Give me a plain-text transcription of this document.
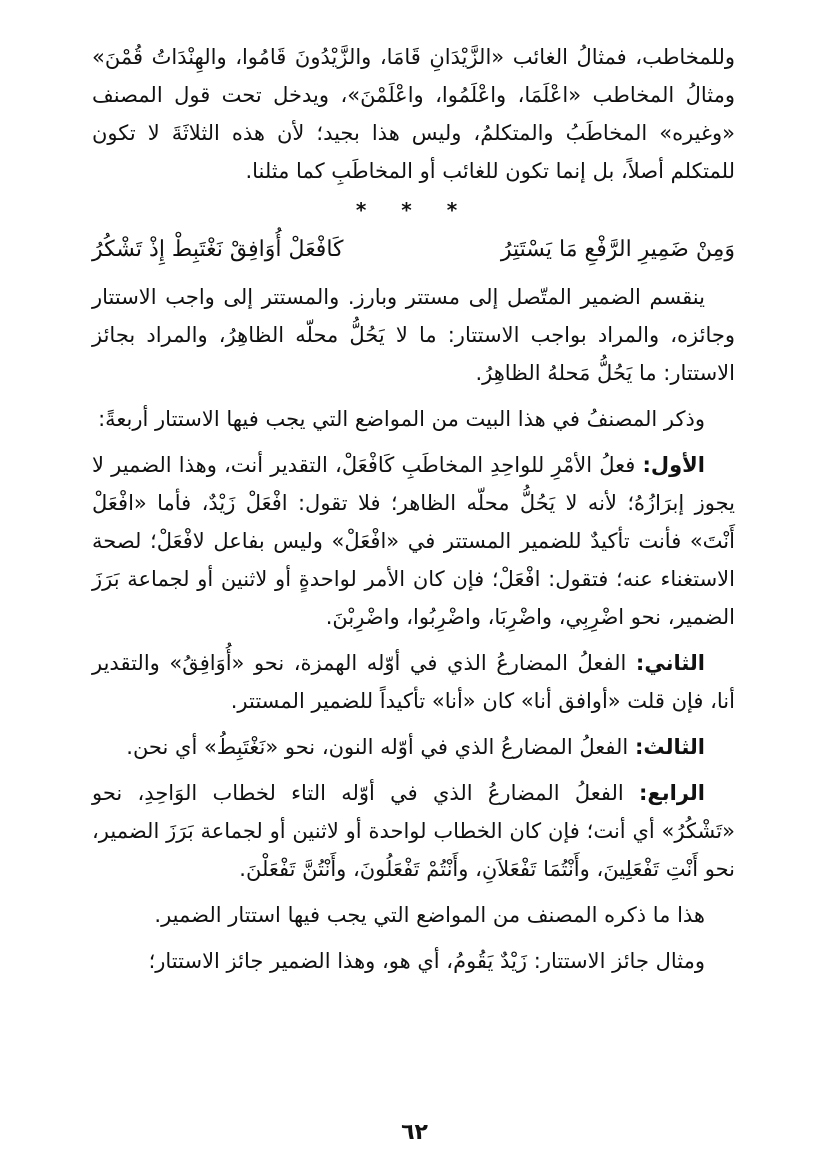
وللمخاطب، فمثالُ الغائب «الزَّيْدَانِ قَامَا، والزَّيْدُونَ قَامُوا، والهِنْدَاتُ قُمْنَ» ومثالُ المخاطب «اعْلَمَا، واعْلَمُوا، واعْلَمْنَ»، ويدخل تحت قول المصنف «وغيره» المخاطَبُ والمتكلمُ، وليس هذا بجيد؛ لأن هذه الثلاثَةَ لا تكون للمتكلم أصلاً، بل إنما تكون للغائب أو المخاطَبِ كما مثلنا.

* * *
وَمِنْ ضَمِيرِ الرَّفْعِ مَا يَسْتَتِرُ
كَافْعَلْ أُوَافِقْ نَغْتَبِطْ إِذْ تَشْكُرُ

ينقسم الضمير المتّصل إلى مستتر وبارز. والمستتر إلى واجب الاستتار وجائزه، والمراد بواجب الاستتار: ما لا يَحُلُّ محلّه الظاهِرُ، والمراد بجائز الاستتار: ما يَحُلُّ مَحلهُ الظاهِرُ.

وذكر المصنفُ في هذا البيت من المواضع التي يجب فيها الاستتار أربعةً:

الأول: فعلُ الأمْرِ للواحِدِ المخاطَبِ كَافْعَلْ، التقدير أنت، وهذا الضمير لا يجوز إبرَازُهُ؛ لأنه لا يَحُلُّ محلّه الظاهر؛ فلا تقول: افْعَلْ زَيْدٌ، فأما «افْعَلْ أَنْتَ» فأنت تأكيدٌ للضمير المستتر في «افْعَلْ» وليس بفاعل لافْعَلْ؛ لصحة الاستغناء عنه؛ فتقول: افْعَلْ؛ فإن كان الأمر لواحدةٍ أو لاثنين أو لجماعة بَرَزَ الضمير، نحو اضْرِبِي، واضْرِبَا، واضْرِبُوا، واضْرِبْنَ.

الثاني: الفعلُ المضارعُ الذي في أوّله الهمزة، نحو «أُوَافِقُ» والتقدير أنا، فإن قلت «أوافق أنا» كان «أنا» تأكيداً للضمير المستتر.

الثالث: الفعلُ المضارعُ الذي في أوّله النون، نحو «نَغْتَبِطُ» أي نحن.

الرابع: الفعلُ المضارعُ الذي في أوّله التاء لخطاب الوَاحِدِ، نحو «تَشْكُرُ» أي أنت؛ فإن كان الخطاب لواحدة أو لاثنين أو لجماعة بَرَزَ الضمير، نحو أَنْتِ تَفْعَلِينَ، وأَنْتُمَا تَفْعَلاَنِ، وأَنْتُمْ تَفْعَلُونَ، وأَنْتُنَّ تَفْعَلْنَ.

هذا ما ذكره المصنف من المواضع التي يجب فيها استتار الضمير.

ومثال جائز الاستتار: زَيْدٌ يَقُومُ، أي هو، وهذا الضمير جائز الاستتار؛

٦٢
